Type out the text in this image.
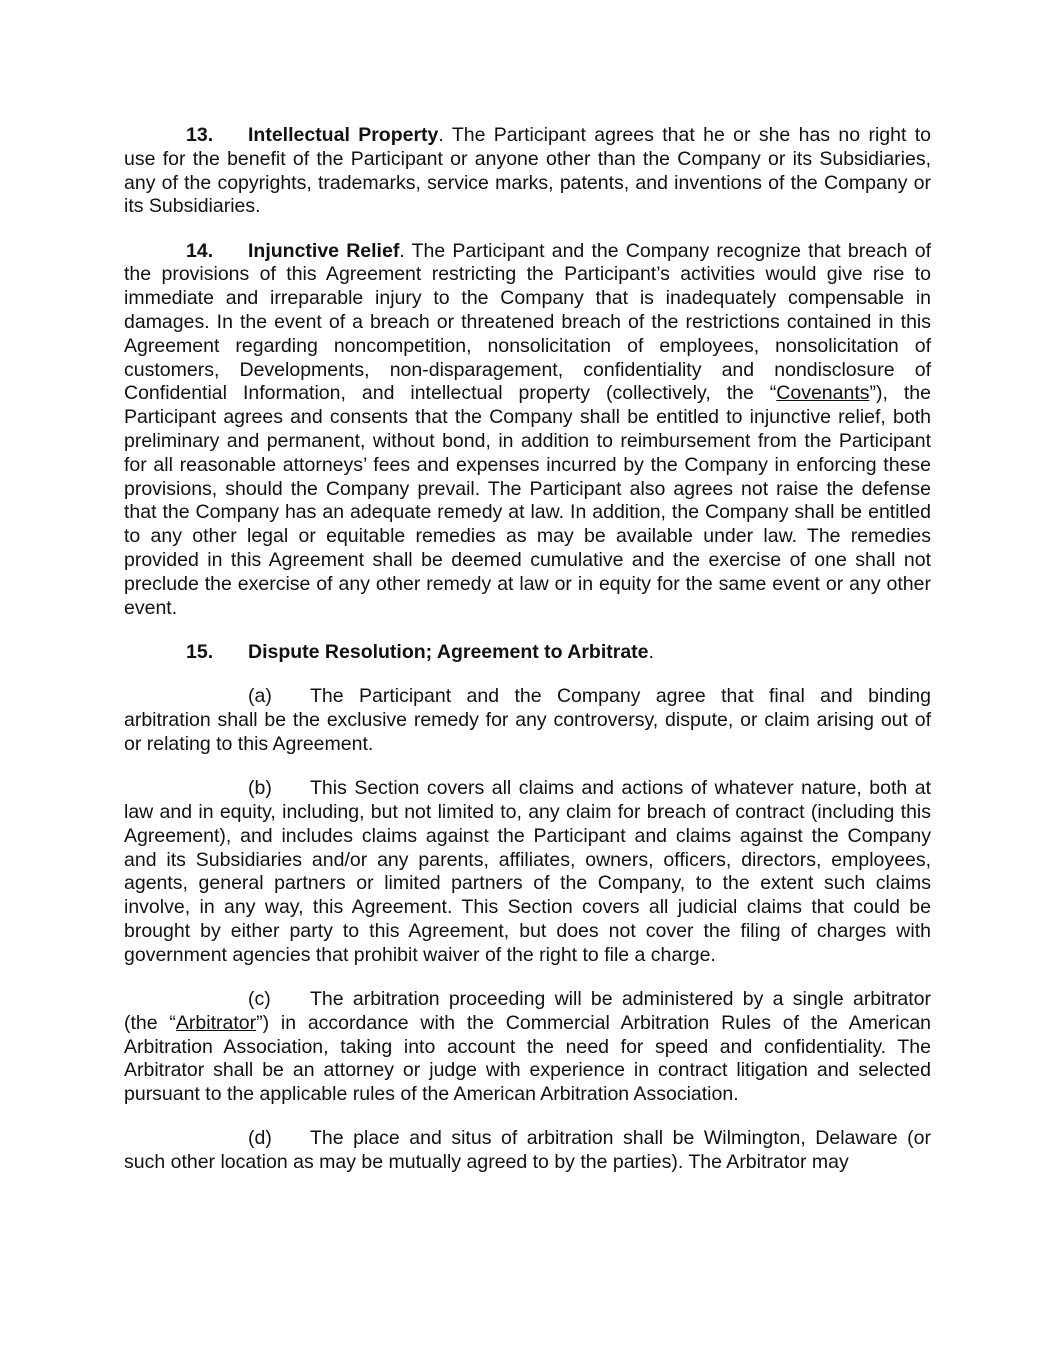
13. Intellectual Property. The Participant agrees that he or she has no right to use for the benefit of the Participant or anyone other than the Company or its Subsidiaries, any of the copyrights, trademarks, service marks, patents, and inventions of the Company or its Subsidiaries.

14. Injunctive Relief. The Participant and the Company recognize that breach of the provisions of this Agreement restricting the Participant’s activities would give rise to immediate and irreparable injury to the Company that is inadequately compensable in damages. In the event of a breach or threatened breach of the restrictions contained in this Agreement regarding noncompetition, nonsolicitation of employees, nonsolicitation of customers, Developments, non-disparagement, confidentiality and nondisclosure of Confidential Information, and intellectual property (collectively, the “Covenants”), the Participant agrees and consents that the Company shall be entitled to injunctive relief, both preliminary and permanent, without bond, in addition to reimbursement from the Participant for all reasonable attorneys’ fees and expenses incurred by the Company in enforcing these provisions, should the Company prevail. The Participant also agrees not raise the defense that the Company has an adequate remedy at law. In addition, the Company shall be entitled to any other legal or equitable remedies as may be available under law. The remedies provided in this Agreement shall be deemed cumulative and the exercise of one shall not preclude the exercise of any other remedy at law or in equity for the same event or any other event.

15. Dispute Resolution; Agreement to Arbitrate.

(a) The Participant and the Company agree that final and binding arbitration shall be the exclusive remedy for any controversy, dispute, or claim arising out of or relating to this Agreement.

(b) This Section covers all claims and actions of whatever nature, both at law and in equity, including, but not limited to, any claim for breach of contract (including this Agreement), and includes claims against the Participant and claims against the Company and its Subsidiaries and/or any parents, affiliates, owners, officers, directors, employees, agents, general partners or limited partners of the Company, to the extent such claims involve, in any way, this Agreement. This Section covers all judicial claims that could be brought by either party to this Agreement, but does not cover the filing of charges with government agencies that prohibit waiver of the right to file a charge.

(c) The arbitration proceeding will be administered by a single arbitrator (the “Arbitrator”) in accordance with the Commercial Arbitration Rules of the American Arbitration Association, taking into account the need for speed and confidentiality. The Arbitrator shall be an attorney or judge with experience in contract litigation and selected pursuant to the applicable rules of the American Arbitration Association.

(d) The place and situs of arbitration shall be Wilmington, Delaware (or such other location as may be mutually agreed to by the parties). The Arbitrator may
